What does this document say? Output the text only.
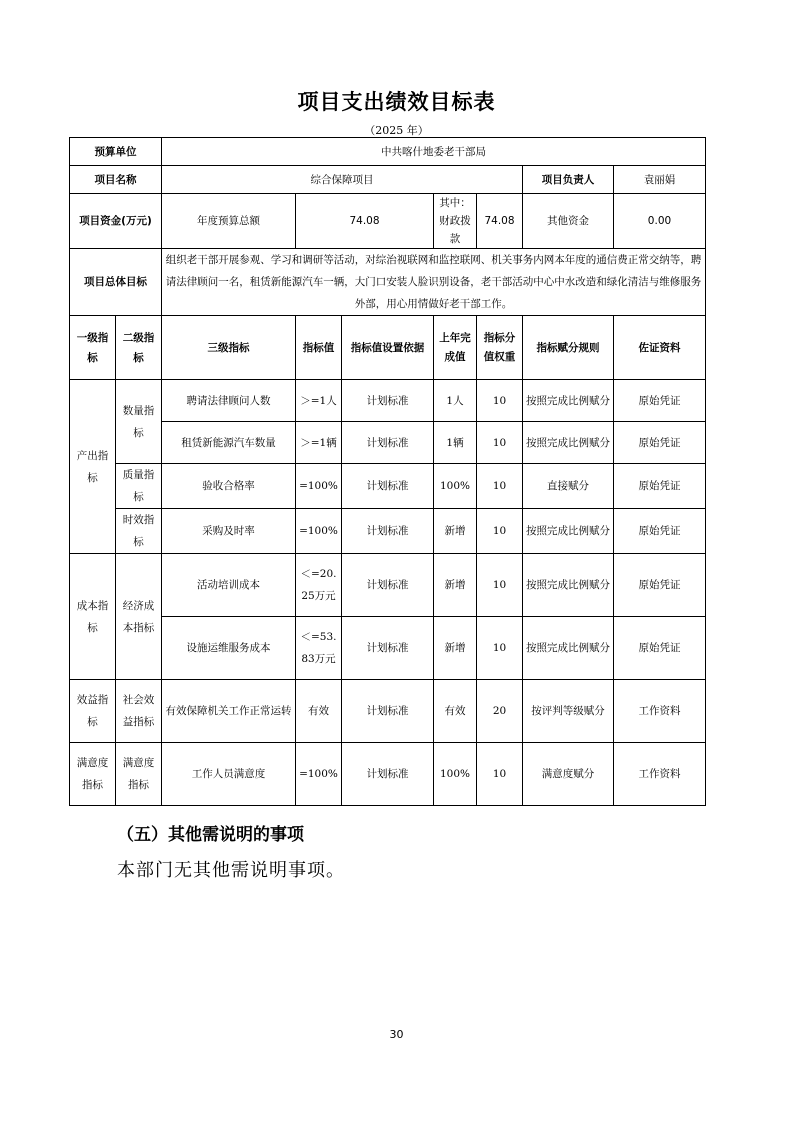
项目支出绩效目标表
（2025 年）
预算单位		中共喀什地委老干部局						
项目名称		综合保障项目					项目负责人	袁丽娟
项目资金(万元)		年度预算总额	74.08		其中：财政拨款	74.08	其他资金	0.00
项目总体目标		组织老干部开展参观、学习和调研等活动，对综治视联网和监控联网、机关事务内网本年度的通信费正常交纳等，聘请法律顾问一名，租赁新能源汽车一辆，大门口安装人脸识别设备，老干部活动中心中水改造和绿化清洁与维修服务外部，用心用情做好老干部工作。						
一级指标	二级指标	三级指标	指标值	指标值设置依据	上年完成值	指标分值权重	指标赋分规则	佐证资料
产出指标	数量指标	聘请法律顾问人数	＞=1人	计划标准	1人	10	按照完成比例赋分	原始凭证
		租赁新能源汽车数量	＞=1辆	计划标准	1辆	10	按照完成比例赋分	原始凭证
	质量指标	验收合格率	=100%	计划标准	100%	10	直接赋分	原始凭证
	时效指标	采购及时率	=100%	计划标准	新增	10	按照完成比例赋分	原始凭证
成本指标	经济成本指标	活动培训成本	＜=20.25万元	计划标准	新增	10	按照完成比例赋分	原始凭证
		设施运维服务成本	＜=53.83万元	计划标准	新增	10	按照完成比例赋分	原始凭证
效益指标	社会效益指标	有效保障机关工作正常运转	有效	计划标准	有效	20	按评判等级赋分	工作资料
满意度指标	满意度指标	工作人员满意度	=100%	计划标准	100%	10	满意度赋分	工作资料
（五）其他需说明的事项
本部门无其他需说明事项。
30
